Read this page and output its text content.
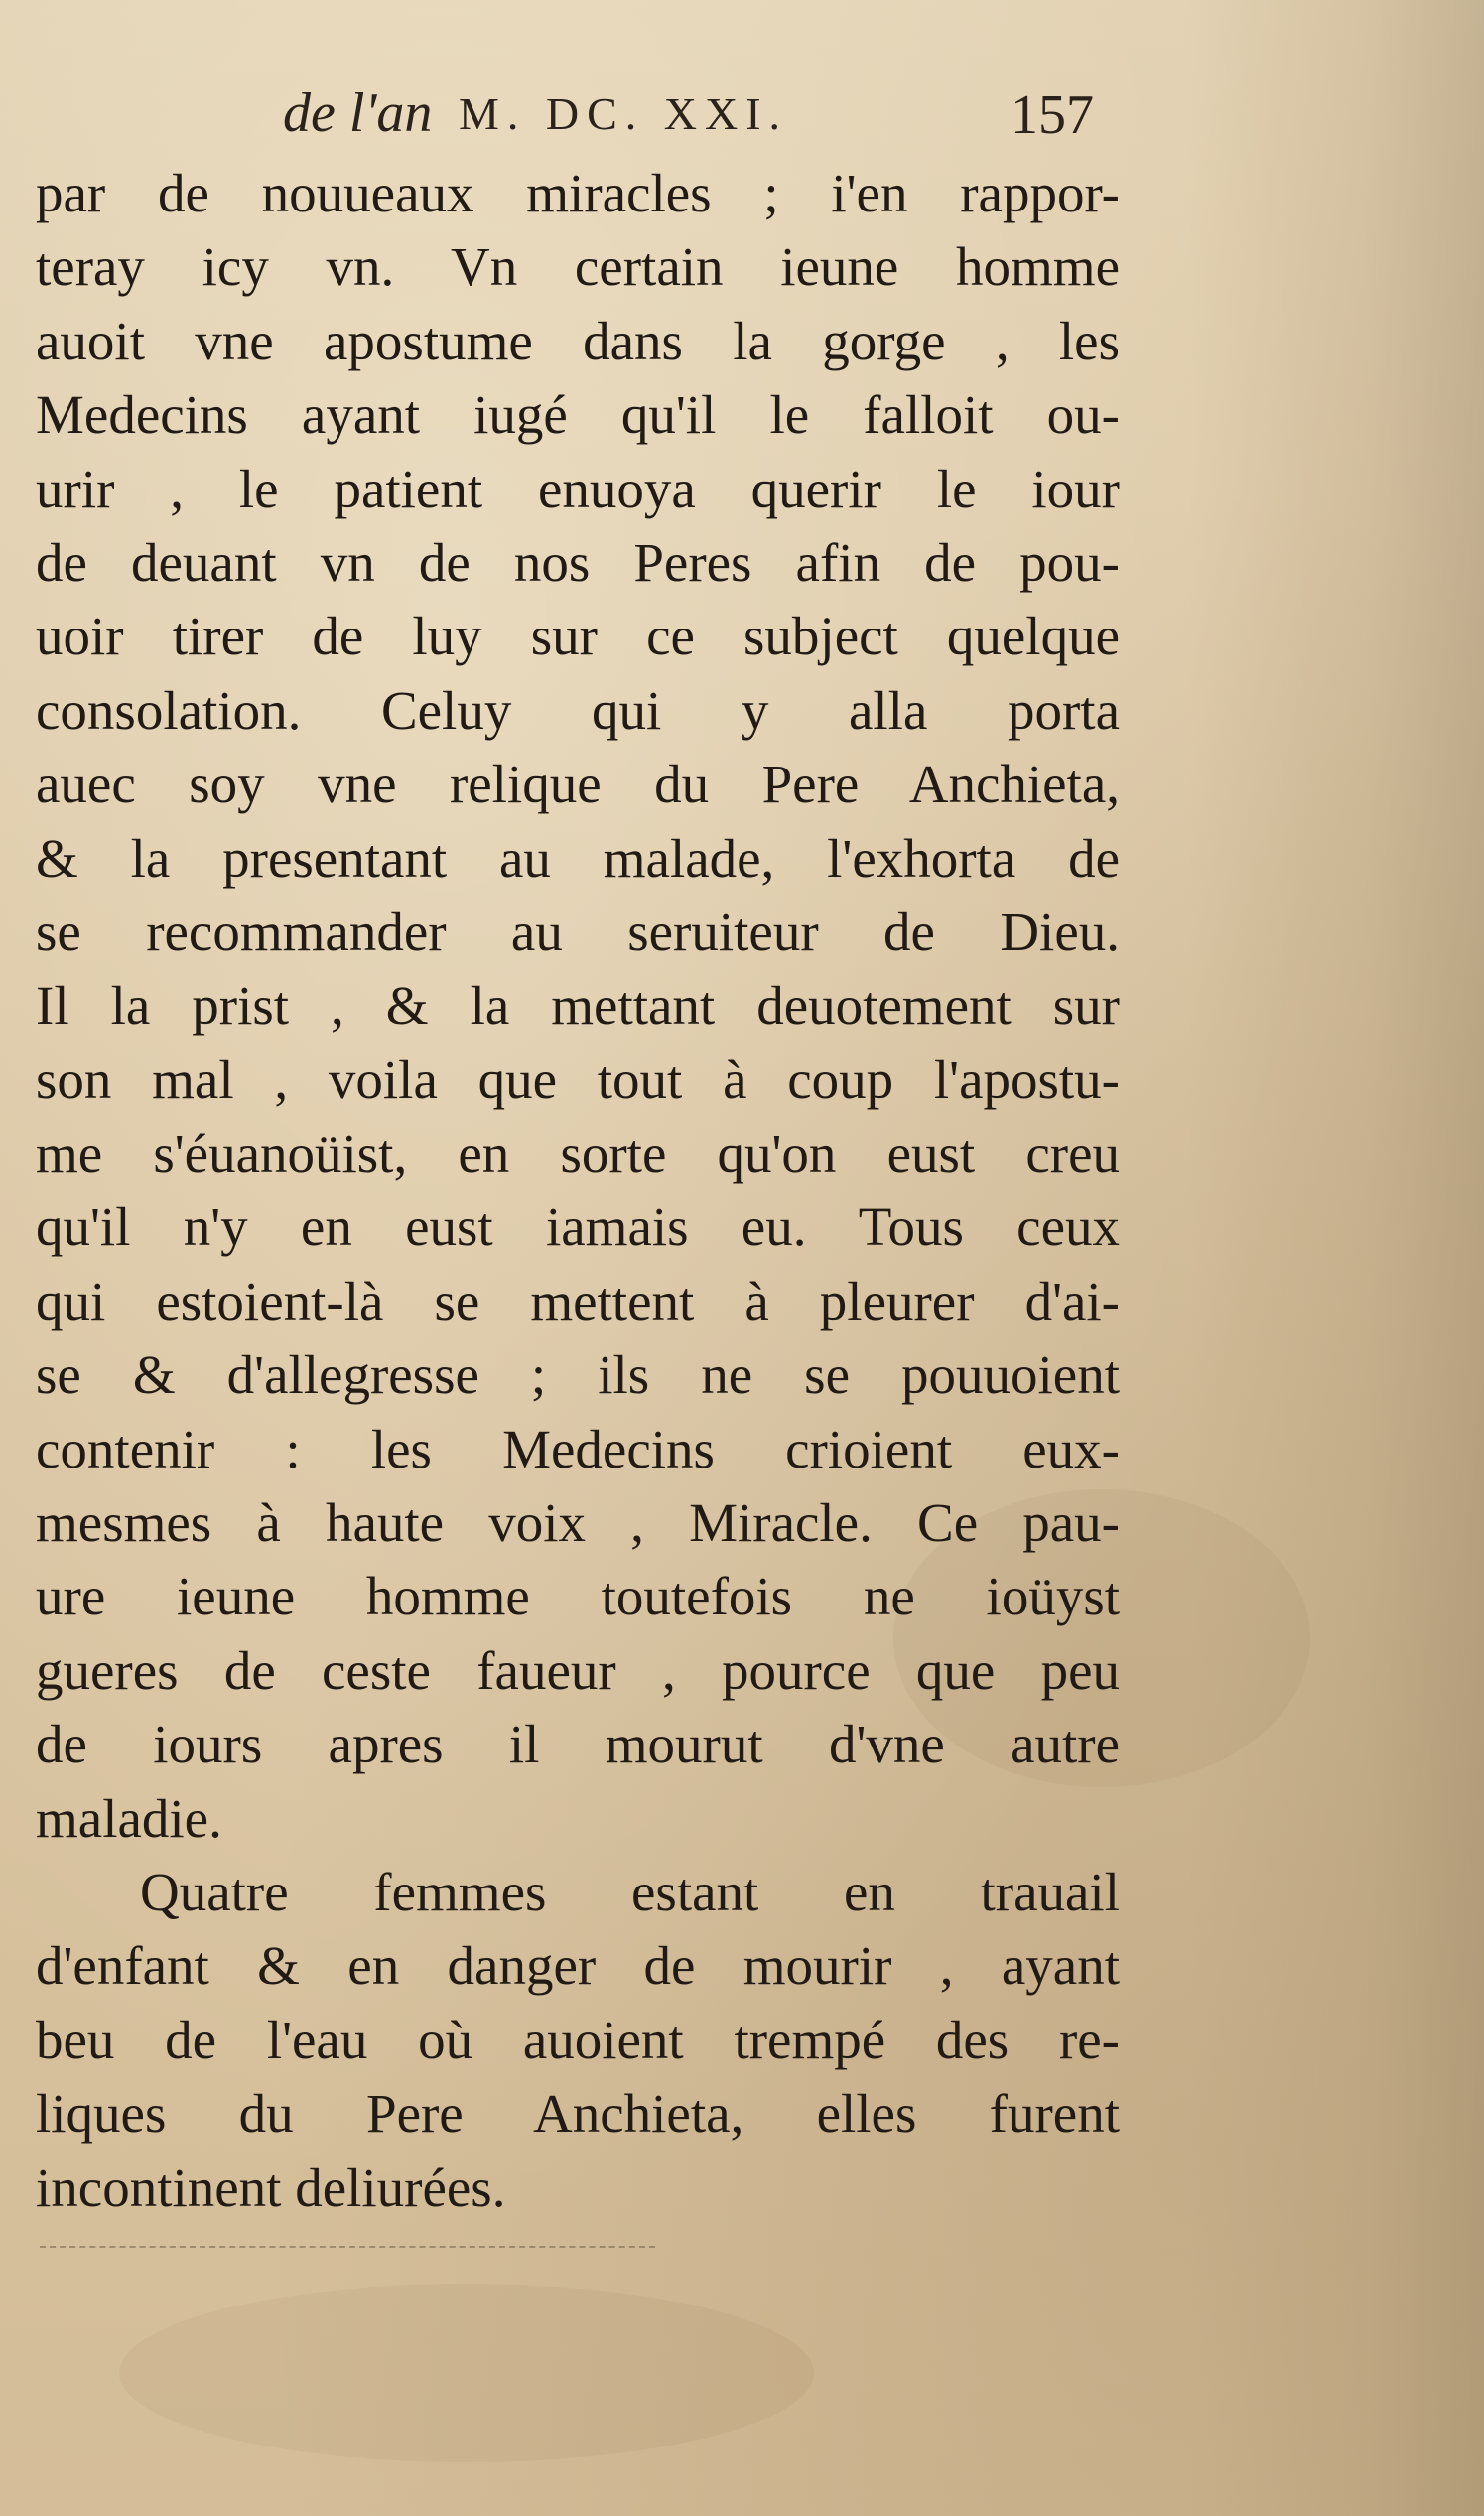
de l'an M. DC. XXI.	157
par de nouueaux miracles ; i'en rappor-
teray icy vn. Vn certain ieune homme
auoit vne apostume dans la gorge , les
Medecins ayant iugé qu'il le falloit ou-
urir , le patient enuoya querir le iour
de deuant vn de nos Peres afin de pou-
uoir tirer de luy sur ce subject quelque
consolation. Celuy qui y alla porta
auec soy vne relique du Pere Anchieta,
& la presentant au malade, l'exhorta de
se recommander au seruiteur de Dieu.
Il la prist , & la mettant deuotement sur
son mal , voila que tout à coup l'apostu-
me s'éuanoüist, en sorte qu'on eust creu
qu'il n'y en eust iamais eu. Tous ceux
qui estoient-là se mettent à pleurer d'ai-
se & d'allegresse ; ils ne se pouuoient
contenir : les Medecins crioient eux-
mesmes à haute voix , Miracle. Ce pau-
ure ieune homme toutefois ne ioüyst
gueres de ceste faueur , pource que peu
de iours apres il mourut d'vne autre
maladie.
Quatre femmes estant en trauail
d'enfant & en danger de mourir , ayant
beu de l'eau où auoient trempé des re-
liques du Pere Anchieta, elles furent
incontinent deliurées.
